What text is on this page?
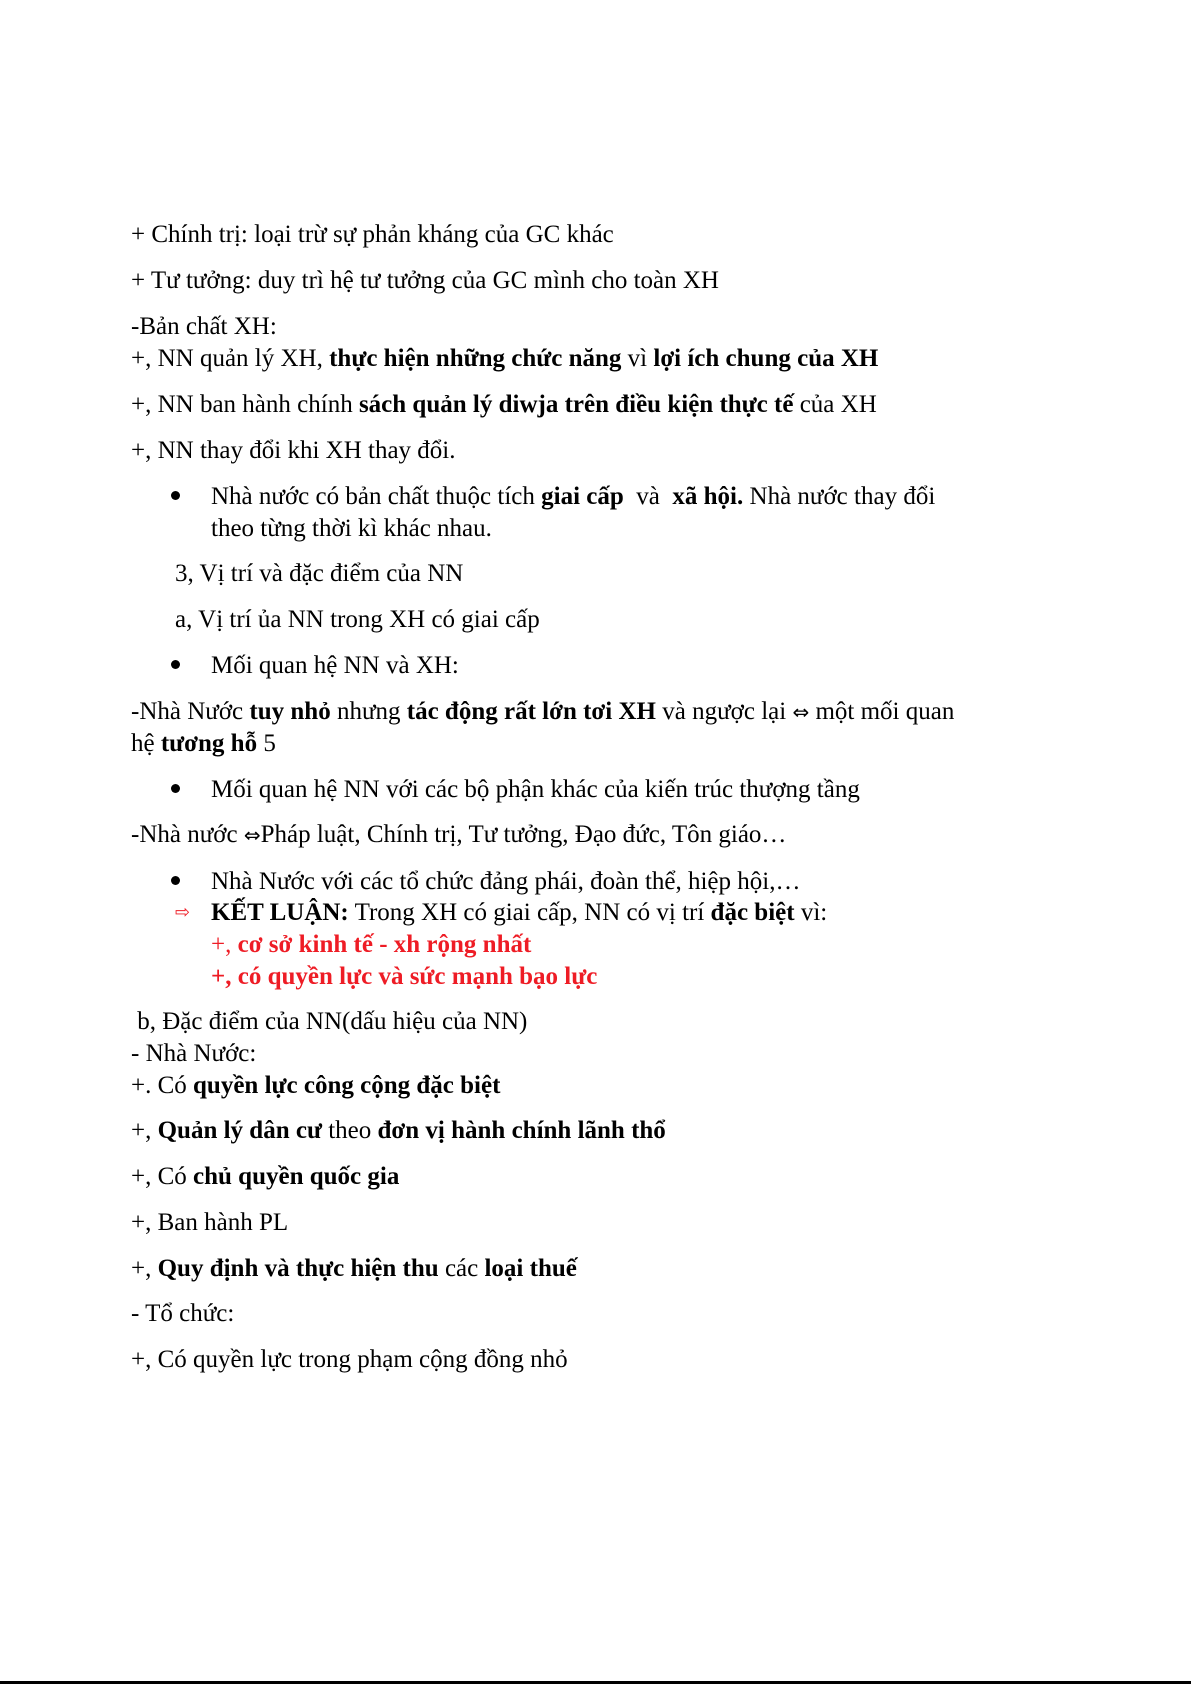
+ Chính trị: loại trừ sự phản kháng của GC khác
+ Tư tưởng: duy trì hệ tư tưởng của GC mình cho toàn XH
-Bản chất XH:
+, NN quản lý XH, thực hiện những chức năng vì lợi ích chung của XH
+, NN ban hành chính sách quản lý diwja trên điều kiện thực tế của XH
+, NN thay đổi khi XH thay đổi.
Nhà nước có bản chất thuộc tích giai cấp  và  xã hội. Nhà nước thay đổi
theo từng thời kì khác nhau.
3, Vị trí và đặc điểm của NN
a, Vị trí ủa NN trong XH có giai cấp
Mối quan hệ NN và XH:
-Nhà Nước tuy nhỏ nhưng tác động rất lớn tơi XH và ngược lại ⇔ một mối quan
hệ tương hỗ 5
Mối quan hệ NN với các bộ phận khác của kiến trúc thượng tầng
-Nhà nước ⇔Pháp luật, Chính trị, Tư tưởng, Đạo đức, Tôn giáo…
Nhà Nước với các tổ chức đảng phái, đoàn thể, hiệp hội,…
⇨ KẾT LUẬN: Trong XH có giai cấp, NN có vị trí đặc biệt vì:
+, cơ sở kinh tế - xh rộng nhất
+, có quyền lực và sức mạnh bạo lực
b, Đặc điểm của NN(dấu hiệu của NN)
- Nhà Nước:
+. Có quyền lực công cộng đặc biệt
+, Quản lý dân cư theo đơn vị hành chính lãnh thổ
+, Có chủ quyền quốc gia
+, Ban hành PL
+, Quy định và thực hiện thu các loại thuế
- Tổ chức:
+, Có quyền lực trong phạm cộng đồng nhỏ
